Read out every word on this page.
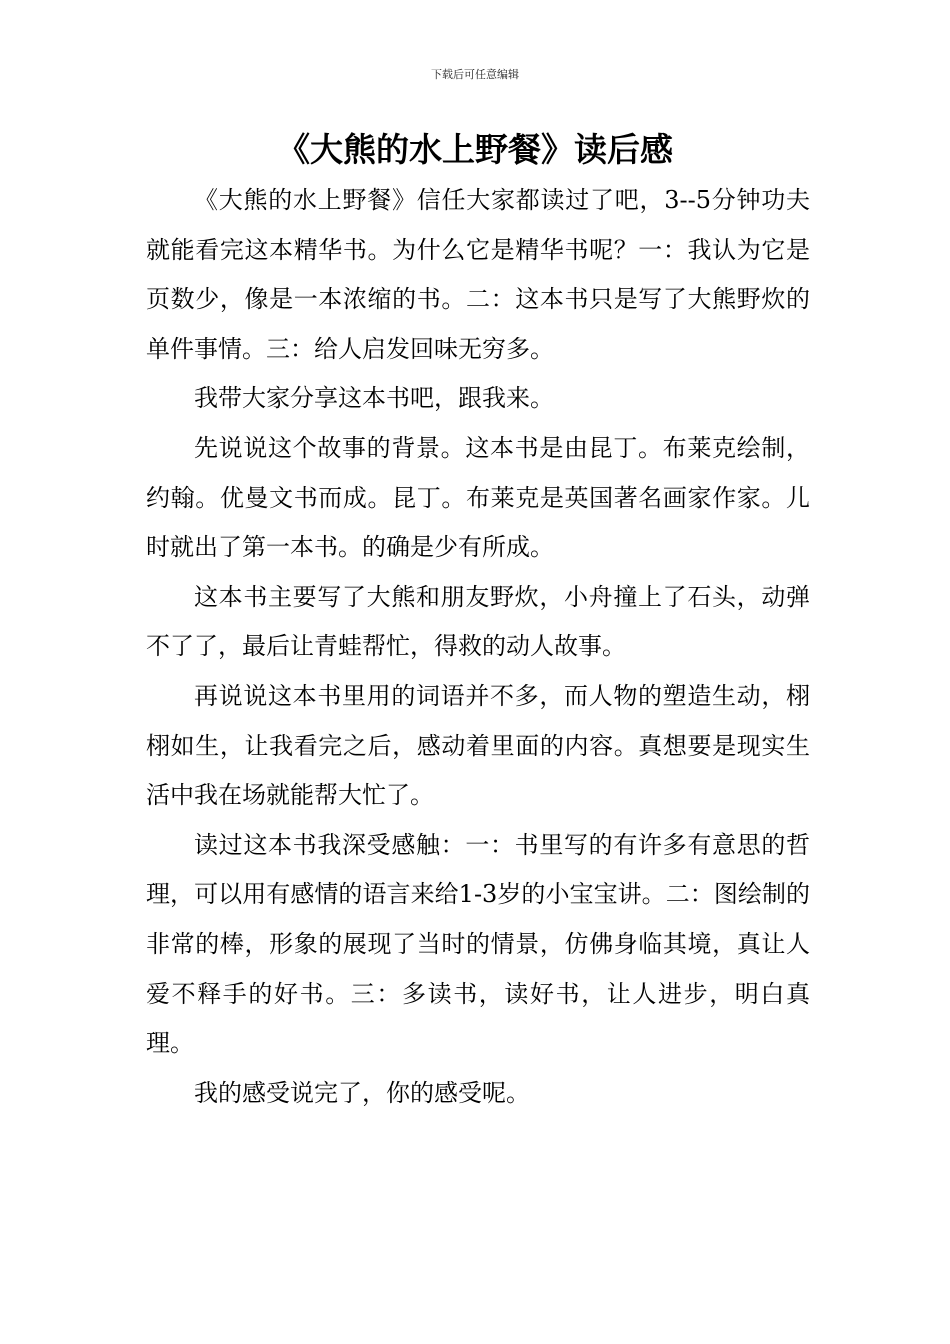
下载后可任意编辑
《大熊的水上野餐》读后感

《大熊的水上野餐》信任大家都读过了吧，3--5分钟功夫就能看完这本精华书。为什么它是精华书呢？一：我认为它是页数少，像是一本浓缩的书。二：这本书只是写了大熊野炊的单件事情。三：给人启发回味无穷多。

我带大家分享这本书吧，跟我来。

先说说这个故事的背景。这本书是由昆丁。布莱克绘制，约翰。优曼文书而成。昆丁。布莱克是英国著名画家作家。儿时就出了第一本书。的确是少有所成。

这本书主要写了大熊和朋友野炊，小舟撞上了石头，动弹不了了，最后让青蛙帮忙，得救的动人故事。

再说说这本书里用的词语并不多，而人物的塑造生动，栩栩如生，让我看完之后，感动着里面的内容。真想要是现实生活中我在场就能帮大忙了。

读过这本书我深受感触：一：书里写的有许多有意思的哲理，可以用有感情的语言来给1-3岁的小宝宝讲。二：图绘制的非常的棒，形象的展现了当时的情景，仿佛身临其境，真让人爱不释手的好书。三：多读书，读好书，让人进步，明白真理。

我的感受说完了，你的感受呢。
